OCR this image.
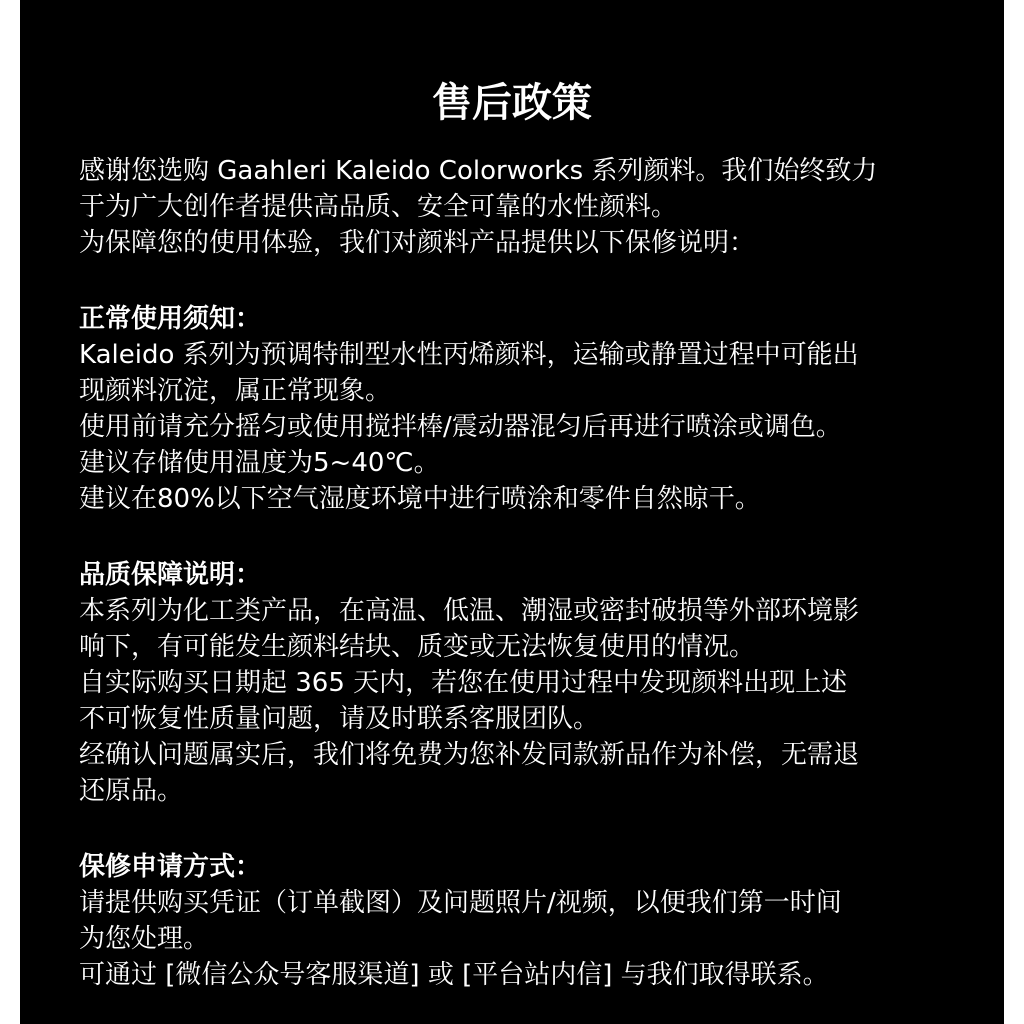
售后政策
感谢您选购 Gaahleri Kaleido Colorworks 系列颜料。我们始终致力
于为广大创作者提供高品质、安全可靠的水性颜料。
为保障您的使用体验，我们对颜料产品提供以下保修说明：
正常使用须知：
Kaleido 系列为预调特制型水性丙烯颜料，运输或静置过程中可能出
现颜料沉淀，属正常现象。
使用前请充分摇匀或使用搅拌棒/震动器混匀后再进行喷涂或调色。
建议存储使用温度为5~40℃。
建议在80%以下空气湿度环境中进行喷涂和零件自然晾干。
品质保障说明：
本系列为化工类产品，在高温、低温、潮湿或密封破损等外部环境影
响下，有可能发生颜料结块、质变或无法恢复使用的情况。
自实际购买日期起 365 天内，若您在使用过程中发现颜料出现上述
不可恢复性质量问题，请及时联系客服团队。
经确认问题属实后，我们将免费为您补发同款新品作为补偿，无需退
还原品。
保修申请方式：
请提供购买凭证（订单截图）及问题照片/视频，以便我们第一时间
为您处理。
可通过 [微信公众号客服渠道] 或 [平台站内信] 与我们取得联系。
